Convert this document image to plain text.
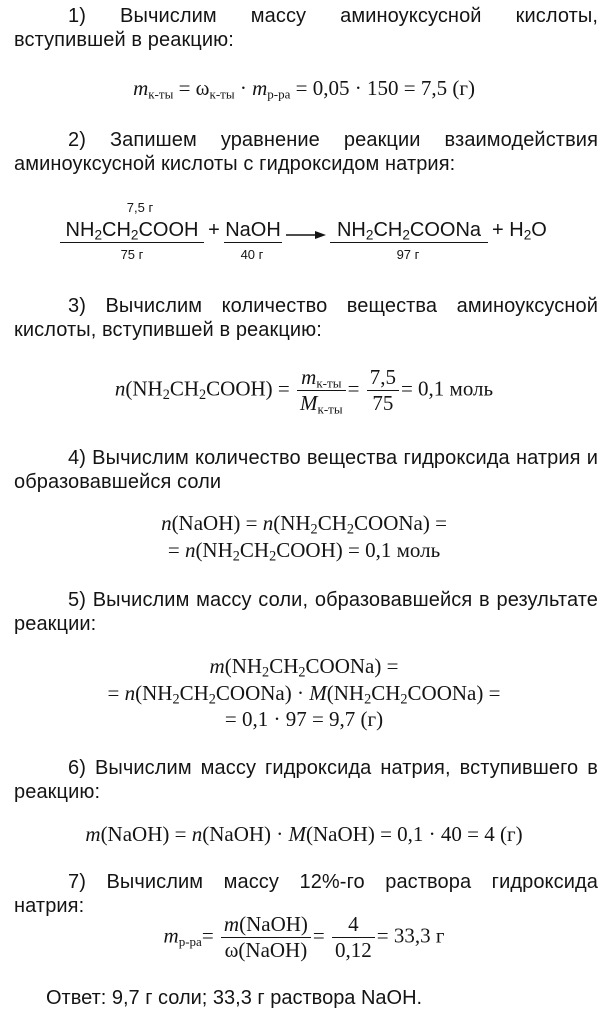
1) Вычислим массу аминоуксусной кислоты, вступившей в реакцию:
$m_{к-ты} = \omega_{к-ты} \cdot m_{р-ра} = 0,05 \cdot 150 = 7,5$ (г)
2) Запишем уравнение реакции взаимодействия аминоуксусной кислоты с гидроксидом натрия:
7,5 г
$NH_2CH_2COOH$ + NaOH → $NH_2CH_2COONa + H_2O$
75 г	40 г	97 г
3) Вычислим количество вещества аминоуксусной кислоты, вступившей в реакцию:
$n(NH_2CH_2COOH) = \frac{m_{к-ты}}{M_{к-ты}} = \frac{7,5}{75} = 0,1$ моль
4) Вычислим количество вещества гидроксида натрия и образовавшейся соли
n(NaOH) = $n(NH_2CH_2COONa)$ =
= $n(NH_2CH_2COOH) = 0,1$ моль
5) Вычислим массу соли, образовавшейся в результате реакции:
$m(NH_2CH_2COONa)$ =
= $n(NH_2CH_2COONa)$ · $M(NH_2CH_2COONa)$ =
= 0,1 · 97 = 9,7 (г)
6) Вычислим массу гидроксида натрия, вступившего в реакцию:
m(NaOH) = n(NaOH) · M(NaOH) = 0,1 · 40 = 4 (г)
7) Вычислим массу 12%-го раствора гидроксида натрия:
$m_{р-ра}= \frac{\text{m(NaOH)}}{\text{ω(NaOH)}} = \frac{4}{0,12} = 33,3$ г
Ответ: 9,7 г соли; 33,3 г раствора NaOH.
